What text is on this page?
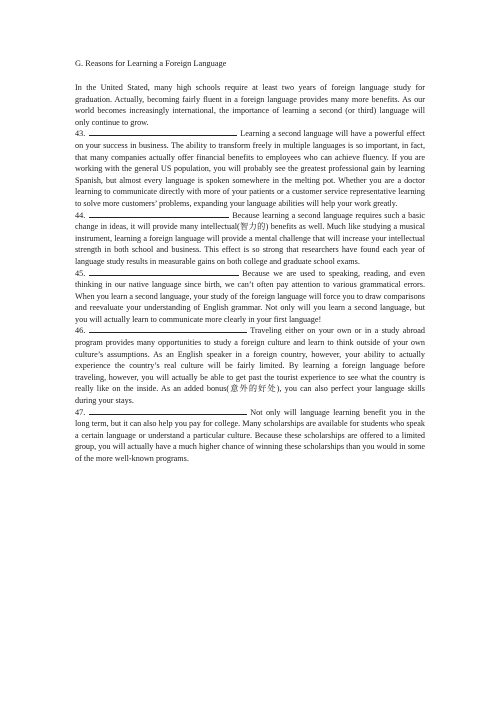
G. Reasons for Learning a Foreign Language

In the United Stated, many high schools require at least two years of foreign language study for graduation. Actually, becoming fairly fluent in a foreign language provides many more benefits. As our world becomes increasingly international, the importance of learning a second (or third) language will only continue to grow.

43.	Learning a second language will have a powerful effect on your success in business. The ability to transform freely in multiple languages is so important, in fact, that many companies actually offer financial benefits to employees who can achieve fluency. If you are working with the general US population, you will probably see the greatest professional gain by learning Spanish, but almost every language is spoken somewhere in the melting pot. Whether you are a doctor learning to communicate directly with more of your patients or a customer service representative learning to solve more customers’ problems, expanding your language abilities will help your work greatly.

44.	Because learning a second language requires such a basic change in ideas, it will provide many intellectual(智力的) benefits as well. Much like studying a musical instrument, learning a foreign language will provide a mental challenge that will increase your intellectual strength in both school and business. This effect is so strong that researchers have found each year of language study results in measurable gains on both college and graduate school exams.

45.	Because we are used to speaking, reading, and even thinking in our native language since birth, we can’t often pay attention to various grammatical errors. When you learn a second language, your study of the foreign language will force you to draw comparisons and reevaluate your understanding of English grammar. Not only will you learn a second language, but you will actually learn to communicate more clearly in your first language!

46.	Traveling either on your own or in a study abroad program provides many opportunities to study a foreign culture and learn to think outside of your own culture’s assumptions. As an English speaker in a foreign country, however, your ability to actually experience the country’s real culture will be fairly limited. By learning a foreign language before traveling, however, you will actually be able to get past the tourist experience to see what the country is really like on the inside. As an added bonus(意外的好处), you can also perfect your language skills during your stays.

47.	Not only will language learning benefit you in the long term, but it can also help you pay for college. Many scholarships are available for students who speak a certain language or understand a particular culture. Because these scholarships are offered to a limited group, you will actually have a much higher chance of winning these scholarships than you would in some of the more well-known programs.
